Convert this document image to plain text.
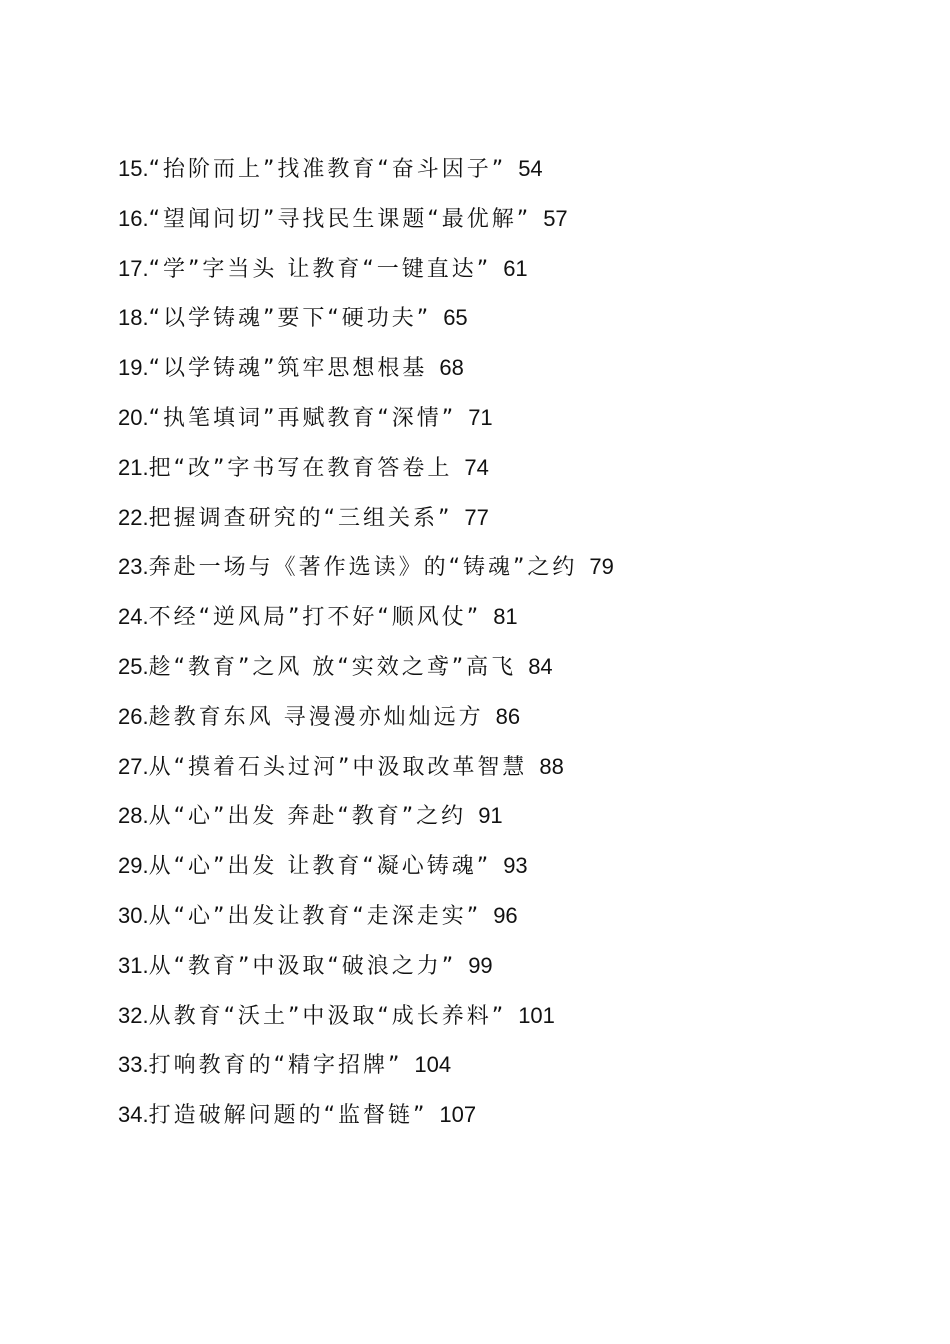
15.“抬阶而上”找准教育“奋斗因子” 54
16.“望闻问切”寻找民生课题“最优解” 57
17.“学”字当头 让教育“一键直达” 61
18.“以学铸魂”要下“硬功夫” 65
19.“以学铸魂”筑牢思想根基 68
20.“执笔填词”再赋教育“深情” 71
21.把“改”字书写在教育答卷上 74
22.把握调查研究的“三组关系” 77
23.奔赴一场与《著作选读》的“铸魂”之约 79
24.不经“逆风局”打不好“顺风仗” 81
25.趁“教育”之风 放“实效之鸢”高飞 84
26.趁教育东风 寻漫漫亦灿灿远方 86
27.从“摸着石头过河”中汲取改革智慧 88
28.从“心”出发 奔赴“教育”之约 91
29.从“心”出发 让教育“凝心铸魂” 93
30.从“心”出发让教育“走深走实” 96
31.从“教育”中汲取“破浪之力” 99
32.从教育“沃土”中汲取“成长养料” 101
33.打响教育的“精字招牌” 104
34.打造破解问题的“监督链” 107
